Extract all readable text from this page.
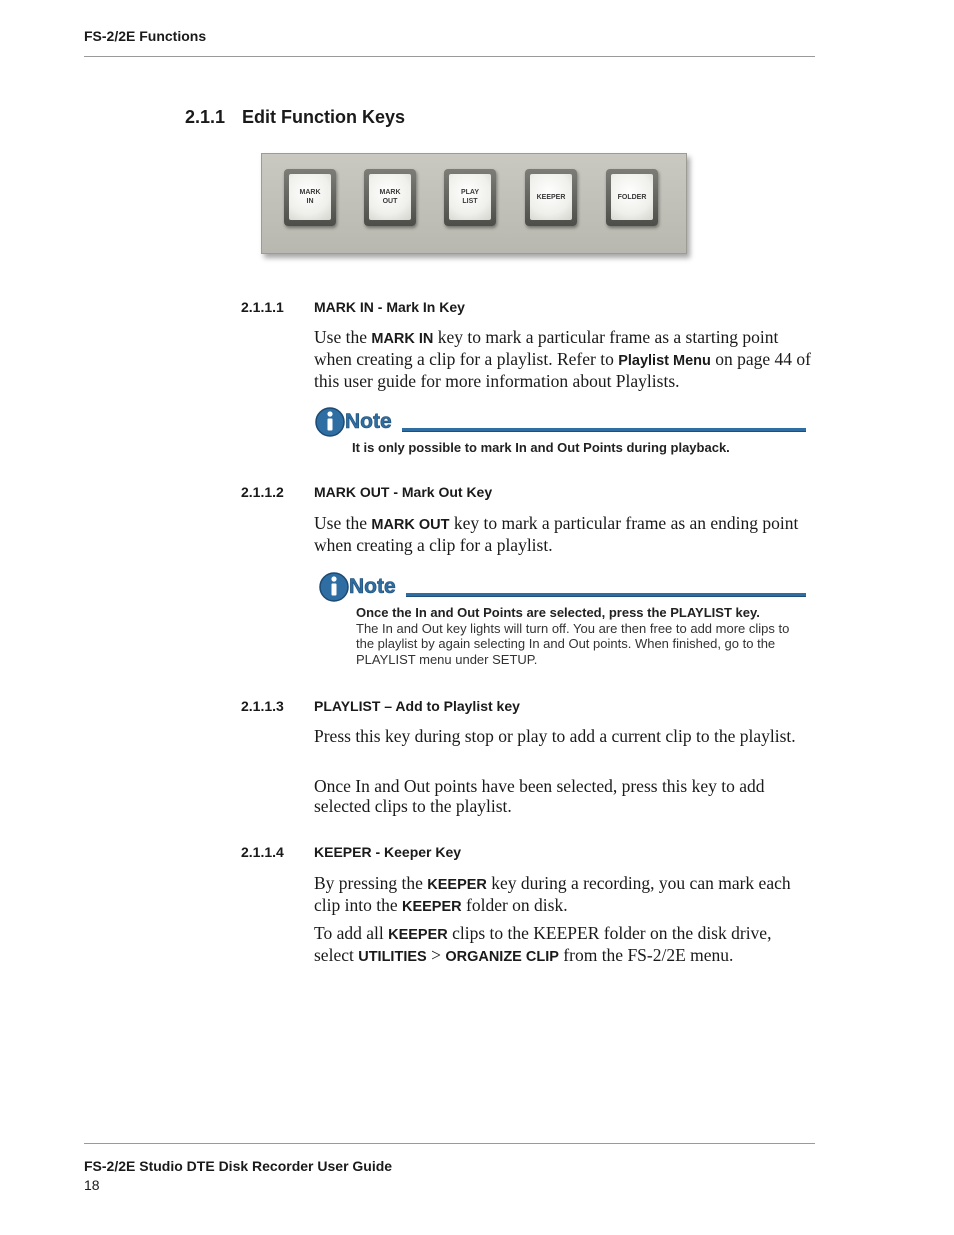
FS-2/2E Functions
2.1.1 Edit Function Keys
MARK
IN
MARK
OUT
PLAY
LIST
KEEPER	FOLDER
2.1.1.1 MARK IN - Mark In Key
Use the MARK IN key to mark a particular frame as a starting point when creating a clip for a playlist. Refer to Playlist Menu on page 44 of this user guide for more information about Playlists.
Note
It is only possible to mark In and Out Points during playback.
2.1.1.2 MARK OUT - Mark Out Key
Use the MARK OUT key to mark a particular frame as an ending point when creating a clip for a playlist.
Note
Once the In and Out Points are selected, press the PLAYLIST key.
The In and Out key lights will turn off. You are then free to add more clips to the playlist by again selecting In and Out points. When finished, go to the PLAYLIST menu under SETUP.
2.1.1.3 PLAYLIST – Add to Playlist key
Press this key during stop or play to add a current clip to the playlist.
Once In and Out points have been selected, press this key to add selected clips to the playlist.
2.1.1.4 KEEPER - Keeper Key
By pressing the KEEPER key during a recording, you can mark each clip into the KEEPER folder on disk.
To add all KEEPER clips to the KEEPER folder on the disk drive, select UTILITIES > ORGANIZE CLIP from the FS-2/2E menu.
FS-2/2E Studio DTE Disk Recorder User Guide
18
